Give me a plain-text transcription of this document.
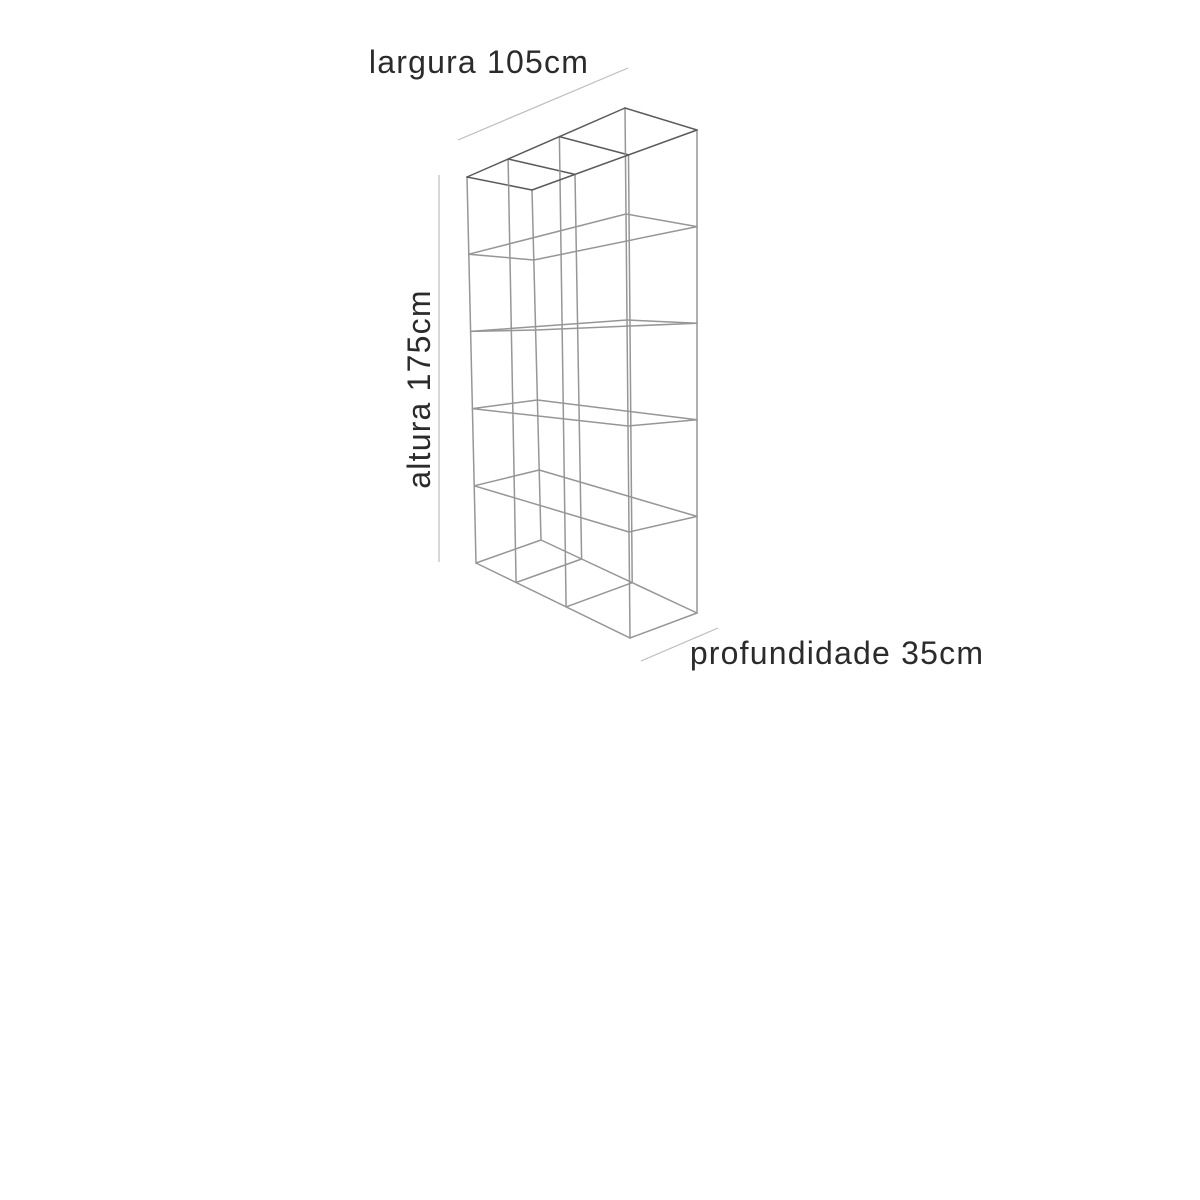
largura 105cm
altura 175cm
profundidade 35cm
